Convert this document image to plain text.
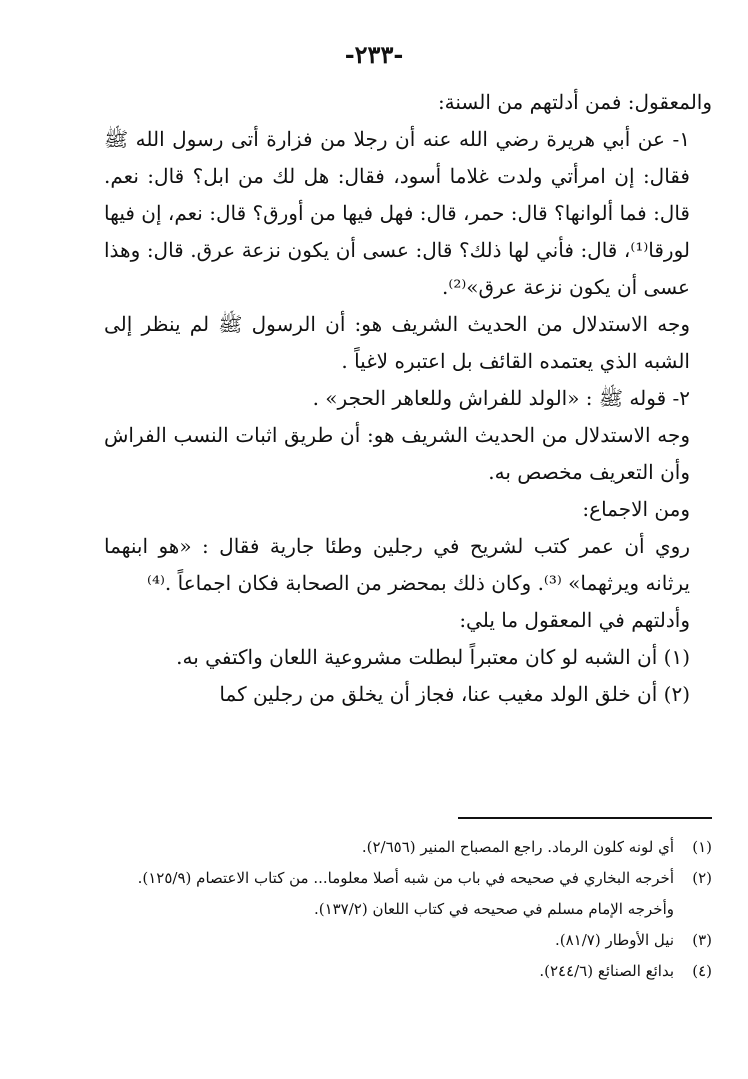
-٢٣٣-

والمعقول: فمن أدلتهم من السنة:

١- عن أبي هريرة رضي الله عنه أن رجلا من فزارة أتى رسول الله ﷺ فقال: إن امرأتي ولدت غلاما أسود، فقال: هل لك من ابل؟ قال: نعم. قال: فما ألوانها؟ قال: حمر، قال: فهل فيها من أورق؟ قال: نعم، إن فيها لورقا⁽¹⁾، قال: فأني لها ذلك؟ قال: عسى أن يكون نزعة عرق. قال: وهذا عسى أن يكون نزعة عرق»⁽²⁾.

وجه الاستدلال من الحديث الشريف هو: أن الرسول ﷺ لم ينظر إلى الشبه الذي يعتمده القائف بل اعتبره لاغياً .

٢- قوله ﷺ : «الولد للفراش وللعاهر الحجر» .

وجه الاستدلال من الحديث الشريف هو: أن طريق اثبات النسب الفراش وأن التعريف مخصص به.

ومن الاجماع:

روي أن عمر كتب لشريح في رجلين وطئا جارية فقال : «هو ابنهما يرثانه ويرثهما» ⁽³⁾. وكان ذلك بمحضر من الصحابة فكان اجماعاً .⁽⁴⁾

وأدلتهم في المعقول ما يلي:

(١) أن الشبه لو كان معتبراً لبطلت مشروعية اللعان واكتفي به.

(٢) أن خلق الولد مغيب عنا، فجاز أن يخلق من رجلين كما

(١)
أي لونه كلون الرماد. راجع المصباح المنير (٢/٦٥٦).
(٢)
أخرجه البخاري في صحيحه في باب من شبه أصلا معلوما... من كتاب الاعتصام (١٢٥/٩).
وأخرجه الإمام مسلم في صحيحه في كتاب اللعان (١٣٧/٢).
(٣)
نيل الأوطار (٨١/٧).
(٤)
بدائع الصنائع (٢٤٤/٦).
